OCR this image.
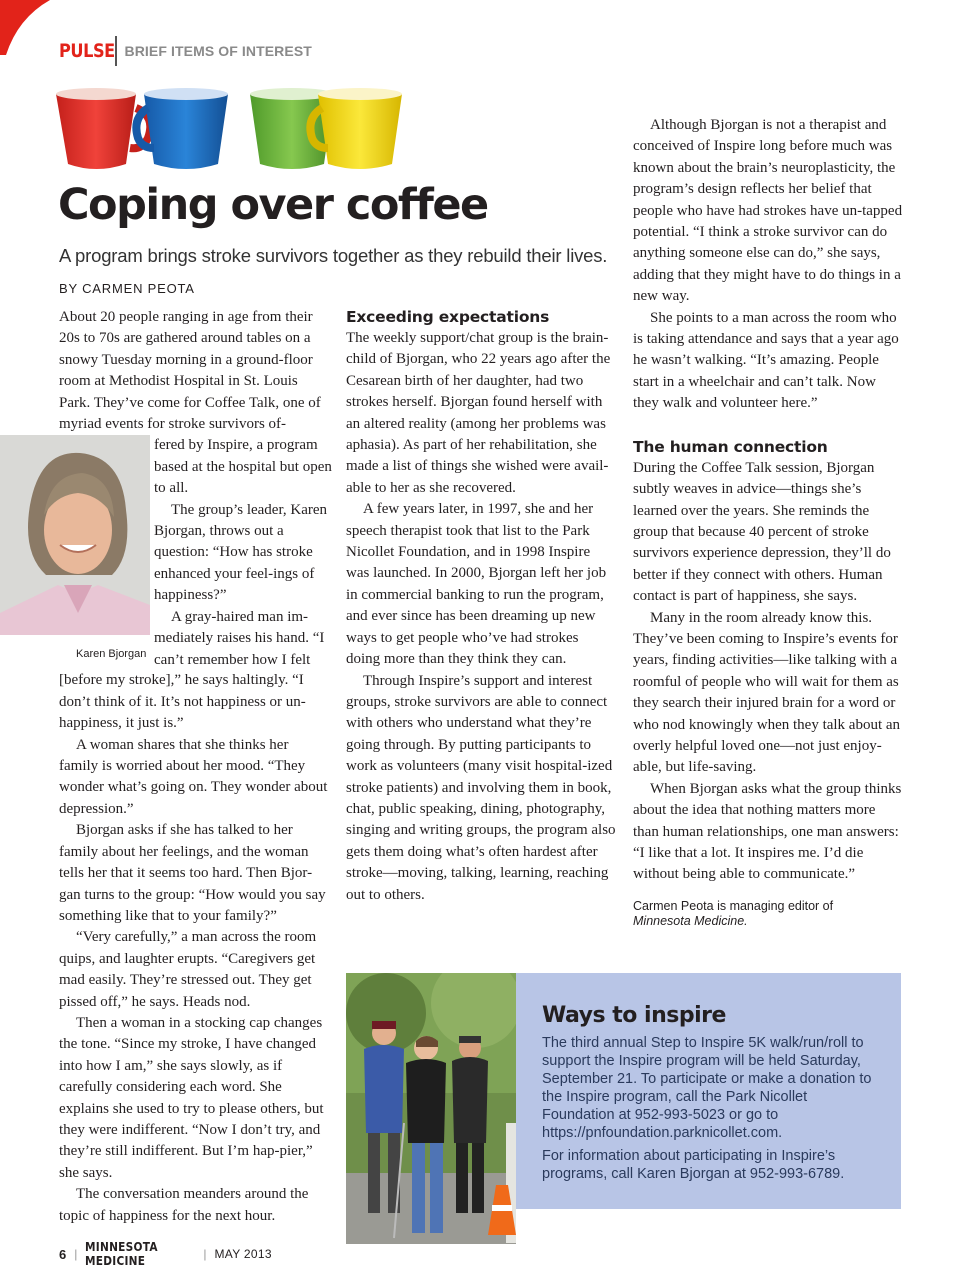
PULSE BRIEF ITEMS OF INTEREST
Coping over coffee
A program brings stroke survivors together as they rebuild their lives.
BY CARMEN PEOTA

About 20 people ranging in age from their 20s to 70s are gathered around tables on a snowy Tuesday morning in a ground-floor room at Methodist Hospital in St. Louis Park. They’ve come for Coffee Talk, one of myriad events for stroke survivors of-

Karen Bjorgan

fered by Inspire, a program based at the hospital but open to all.

The group’s leader, Karen Bjorgan, throws out a question: “How has stroke enhanced your feel-ings of happiness?”

A gray-haired man im-mediately raises his hand. “I can’t remember how I felt

[before my stroke],” he says haltingly. “I don’t think of it. It’s not happiness or un-happiness, it just is.”

A woman shares that she thinks her family is worried about her mood. “They wonder what’s going on. They wonder about depression.”

Bjorgan asks if she has talked to her family about her feelings, and the woman tells her that it seems too hard. Then Bjor-gan turns to the group: “How would you say something like that to your family?”

“Very carefully,” a man across the room quips, and laughter erupts. “Caregivers get mad easily. They’re stressed out. They get pissed off,” he says. Heads nod.

Then a woman in a stocking cap changes the tone. “Since my stroke, I have changed into how I am,” she says slowly, as if carefully considering each word. She explains she used to try to please others, but they were indifferent. “Now I don’t try, and they’re still indifferent. But I’m hap-pier,” she says.

The conversation meanders around the topic of happiness for the next hour.

Exceeding expectations

The weekly support/chat group is the brain-child of Bjorgan, who 22 years ago after the Cesarean birth of her daughter, had two strokes herself. Bjorgan found herself with an altered reality (among her problems was aphasia). As part of her rehabilitation, she made a list of things she wished were avail-able to her as she recovered.

A few years later, in 1997, she and her speech therapist took that list to the Park Nicollet Foundation, and in 1998 Inspire was launched. In 2000, Bjorgan left her job in commercial banking to run the program, and ever since has been dreaming up new ways to get people who’ve had strokes doing more than they think they can.

Through Inspire’s support and interest groups, stroke survivors are able to connect with others who understand what they’re going through. By putting participants to work as volunteers (many visit hospital-ized stroke patients) and involving them in book, chat, public speaking, dining, photography, singing and writing groups, the program also gets them doing what’s often hardest after stroke—moving, talking, learning, reaching out to others.

Although Bjorgan is not a therapist and conceived of Inspire long before much was known about the brain’s neuroplasticity, the program’s design reflects her belief that people who have had strokes have un-tapped potential. “I think a stroke survivor can do anything someone else can do,” she says, adding that they might have to do things in a new way.

She points to a man across the room who is taking attendance and says that a year ago he wasn’t walking. “It’s amazing. People start in a wheelchair and can’t talk. Now they walk and volunteer here.”

The human connection

During the Coffee Talk session, Bjorgan subtly weaves in advice—things she’s learned over the years. She reminds the group that because 40 percent of stroke survivors experience depression, they’ll do better if they connect with others. Human contact is part of happiness, she says.

Many in the room already know this. They’ve been coming to Inspire’s events for years, finding activities—like talking with a roomful of people who will wait for them as they search their injured brain for a word or who nod knowingly when they talk about an overly helpful loved one—not just enjoy-able, but life-saving.

When Bjorgan asks what the group thinks about the idea that nothing matters more than human relationships, one man answers: “I like that a lot. It inspires me. I’d die without being able to communicate.”

Carmen Peota is managing editor of
Minnesota Medicine.
Ways to inspire

The third annual Step to Inspire 5K walk/run/roll to support the Inspire program will be held Saturday, September 21. To participate or make a donation to the Inspire program, call the Park Nicollet Foundation at 952-993-5023 or go to https://pnfoundation.parknicollet.com.

For information about participating in Inspire’s programs, call Karen Bjorgan at 952-993-6789.

6 | MINNESOTA MEDICINE	| MAY 2013
